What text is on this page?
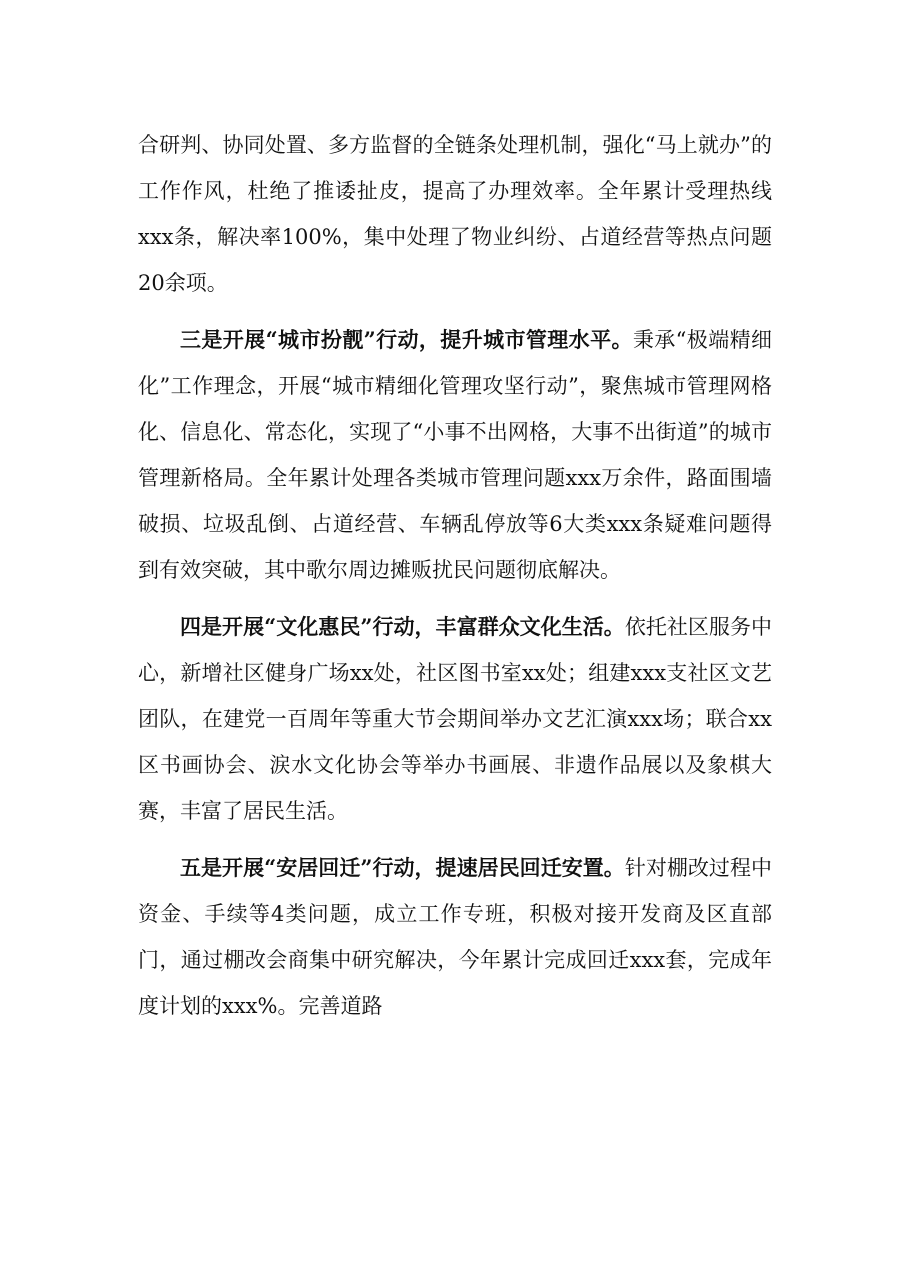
合研判、协同处置、多方监督的全链条处理机制，强化“马上就办”的工作作风，杜绝了推诿扯皮，提高了办理效率。全年累计受理热线xxx条，解决率100%，集中处理了物业纠纷、占道经营等热点问题20余项。

三是开展“城市扮靓”行动，提升城市管理水平。秉承“极端精细化”工作理念，开展“城市精细化管理攻坚行动”，聚焦城市管理网格化、信息化、常态化，实现了“小事不出网格，大事不出街道”的城市管理新格局。全年累计处理各类城市管理问题xxx万余件，路面围墙破损、垃圾乱倒、占道经营、车辆乱停放等6大类xxx条疑难问题得到有效突破，其中歌尔周边摊贩扰民问题彻底解决。

四是开展“文化惠民”行动，丰富群众文化生活。依托社区服务中心，新增社区健身广场xx处，社区图书室xx处；组建xxx支社区文艺团队，在建党一百周年等重大节会期间举办文艺汇演xxx场；联合xx区书画协会、涙水文化协会等举办书画展、非遗作品展以及象棋大赛，丰富了居民生活。

五是开展“安居回迁”行动，提速居民回迁安置。针对棚改过程中资金、手续等4类问题，成立工作专班，积极对接开发商及区直部门，通过棚改会商集中研究解决，今年累计完成回迁xxx套，完成年度计划的xxx%。完善道路
